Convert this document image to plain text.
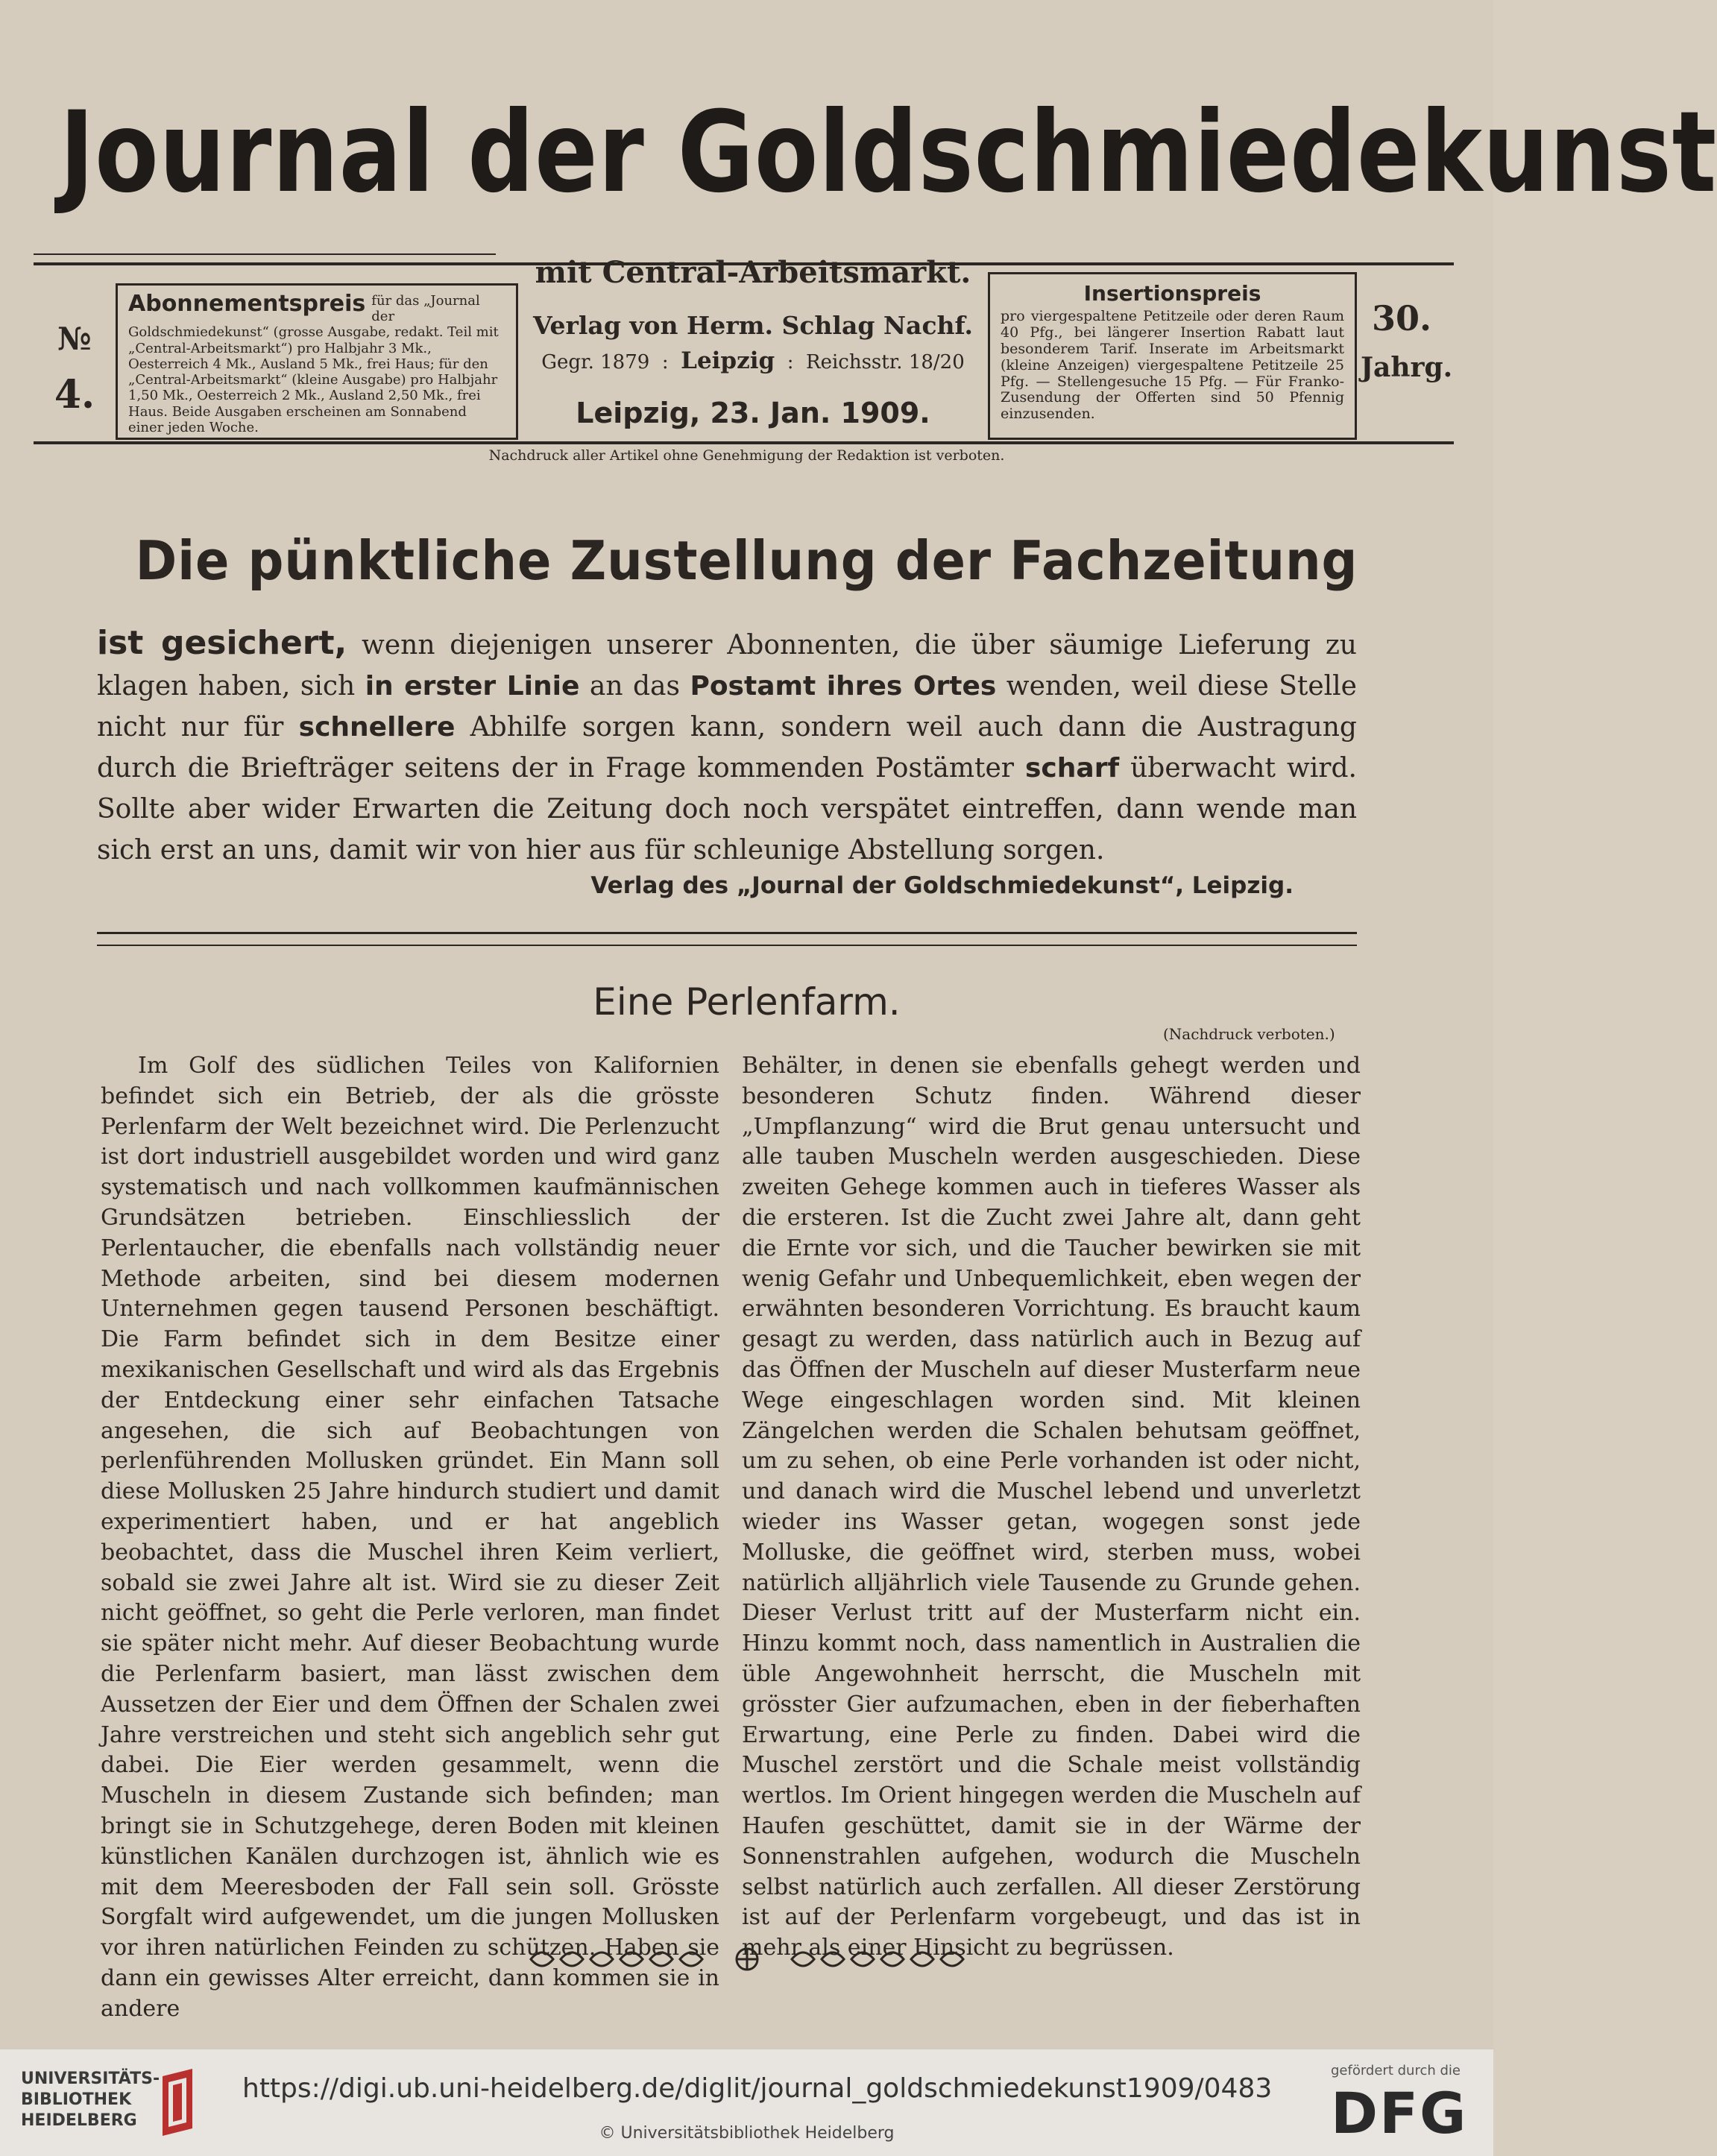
Journal der Goldschmiedekunst
№
4.
Abonnementspreis für das „Journal der Goldschmiedekunst“ (grosse Ausgabe, redakt. Teil mit „Central-Arbeitsmarkt“) pro Halbjahr 3 Mk., Oesterreich 4 Mk., Ausland 5 Mk., frei Haus; für den „Central-Arbeitsmarkt“ (kleine Ausgabe) pro Halbjahr 1,50 Mk., Oesterreich 2 Mk., Ausland 2,50 Mk., frei Haus. Beide Ausgaben erscheinen am Sonnabend einer jeden Woche.
mit Central-Arbeitsmarkt.
Verlag von Herm. Schlag Nachf.
Gegr. 1879  :  Leipzig  :  Reichsstr. 18/20
Leipzig, 23. Jan. 1909.
Insertionspreis
pro viergespaltene Petitzeile oder deren Raum 40 Pfg., bei längerer Insertion Rabatt laut besonderem Tarif. Inserate im Arbeitsmarkt (kleine Anzeigen) viergespaltene Petitzeile 25 Pfg. — Stellengesuche 15 Pfg. — Für Franko-Zusendung der Offerten sind 50 Pfennig einzusenden.
30.
Jahrg.
Nachdruck aller Artikel ohne Genehmigung der Redaktion ist verboten.
Die pünktliche Zustellung der Fachzeitung
ist gesichert, wenn diejenigen unserer Abonnenten, die über säumige Lieferung zu klagen haben, sich in erster Linie an das Postamt ihres Ortes wenden, weil diese Stelle nicht nur für schnellere Abhilfe sorgen kann, sondern weil auch dann die Austragung durch die Briefträger seitens der in Frage kommenden Postämter scharf überwacht wird. Sollte aber wider Erwarten die Zeitung doch noch verspätet eintreffen, dann wende man sich erst an uns, damit wir von hier aus für schleunige Abstellung sorgen.
Verlag des „Journal der Goldschmiedekunst“, Leipzig.
Eine Perlenfarm.
(Nachdruck verboten.)

Im Golf des südlichen Teiles von Kalifornien befindet sich ein Betrieb, der als die grösste Perlenfarm der Welt bezeichnet wird. Die Perlenzucht ist dort industriell ausgebildet worden und wird ganz systematisch und nach vollkommen kaufmännischen Grundsätzen betrieben. Einschliesslich der Perlentaucher, die ebenfalls nach vollständig neuer Methode arbeiten, sind bei diesem modernen Unternehmen gegen tausend Personen beschäftigt. Die Farm befindet sich in dem Besitze einer mexikanischen Gesellschaft und wird als das Ergebnis der Entdeckung einer sehr einfachen Tatsache angesehen, die sich auf Beobachtungen von perlenführenden Mollusken gründet. Ein Mann soll diese Mollusken 25 Jahre hindurch studiert und damit experimentiert haben, und er hat angeblich beobachtet, dass die Muschel ihren Keim verliert, sobald sie zwei Jahre alt ist. Wird sie zu dieser Zeit nicht geöffnet, so geht die Perle verloren, man findet sie später nicht mehr. Auf dieser Beobachtung wurde die Perlenfarm basiert, man lässt zwischen dem Aussetzen der Eier und dem Öffnen der Schalen zwei Jahre verstreichen und steht sich angeblich sehr gut dabei. Die Eier werden gesammelt, wenn die Muscheln in diesem Zustande sich befinden; man bringt sie in Schutzgehege, deren Boden mit kleinen künstlichen Kanälen durchzogen ist, ähnlich wie es mit dem Meeresboden der Fall sein soll. Grösste Sorgfalt wird aufgewendet, um die jungen Mollusken vor ihren natürlichen Feinden zu schützen. Haben sie dann ein gewisses Alter erreicht, dann kommen sie in andere

Behälter, in denen sie ebenfalls gehegt werden und besonderen Schutz finden. Während dieser „Umpflanzung“ wird die Brut genau untersucht und alle tauben Muscheln werden ausgeschieden. Diese zweiten Gehege kommen auch in tieferes Wasser als die ersteren. Ist die Zucht zwei Jahre alt, dann geht die Ernte vor sich, und die Taucher bewirken sie mit wenig Gefahr und Unbequemlichkeit, eben wegen der erwähnten besonderen Vorrichtung. Es braucht kaum gesagt zu werden, dass natürlich auch in Bezug auf das Öffnen der Muscheln auf dieser Musterfarm neue Wege eingeschlagen worden sind. Mit kleinen Zängelchen werden die Schalen behutsam geöffnet, um zu sehen, ob eine Perle vorhanden ist oder nicht, und danach wird die Muschel lebend und unverletzt wieder ins Wasser getan, wogegen sonst jede Molluske, die geöffnet wird, sterben muss, wobei natürlich alljährlich viele Tausende zu Grunde gehen. Dieser Verlust tritt auf der Musterfarm nicht ein. Hinzu kommt noch, dass namentlich in Australien die üble Angewohnheit herrscht, die Muscheln mit grösster Gier aufzumachen, eben in der fieberhaften Erwartung, eine Perle zu finden. Dabei wird die Muschel zerstört und die Schale meist vollständig wertlos. Im Orient hingegen werden die Muscheln auf Haufen geschüttet, damit sie in der Wärme der Sonnenstrahlen aufgehen, wodurch die Muscheln selbst natürlich auch zerfallen. All dieser Zerstörung ist auf der Perlenfarm vorgebeugt, und das ist in mehr als einer Hinsicht zu begrüssen.

UNIVERSITÄTS-
BIBLIOTHEK
HEIDELBERG
https://digi.ub.uni-heidelberg.de/diglit/journal_goldschmiedekunst1909/0483
© Universitätsbibliothek Heidelberg
gefördert durch die
DFG
